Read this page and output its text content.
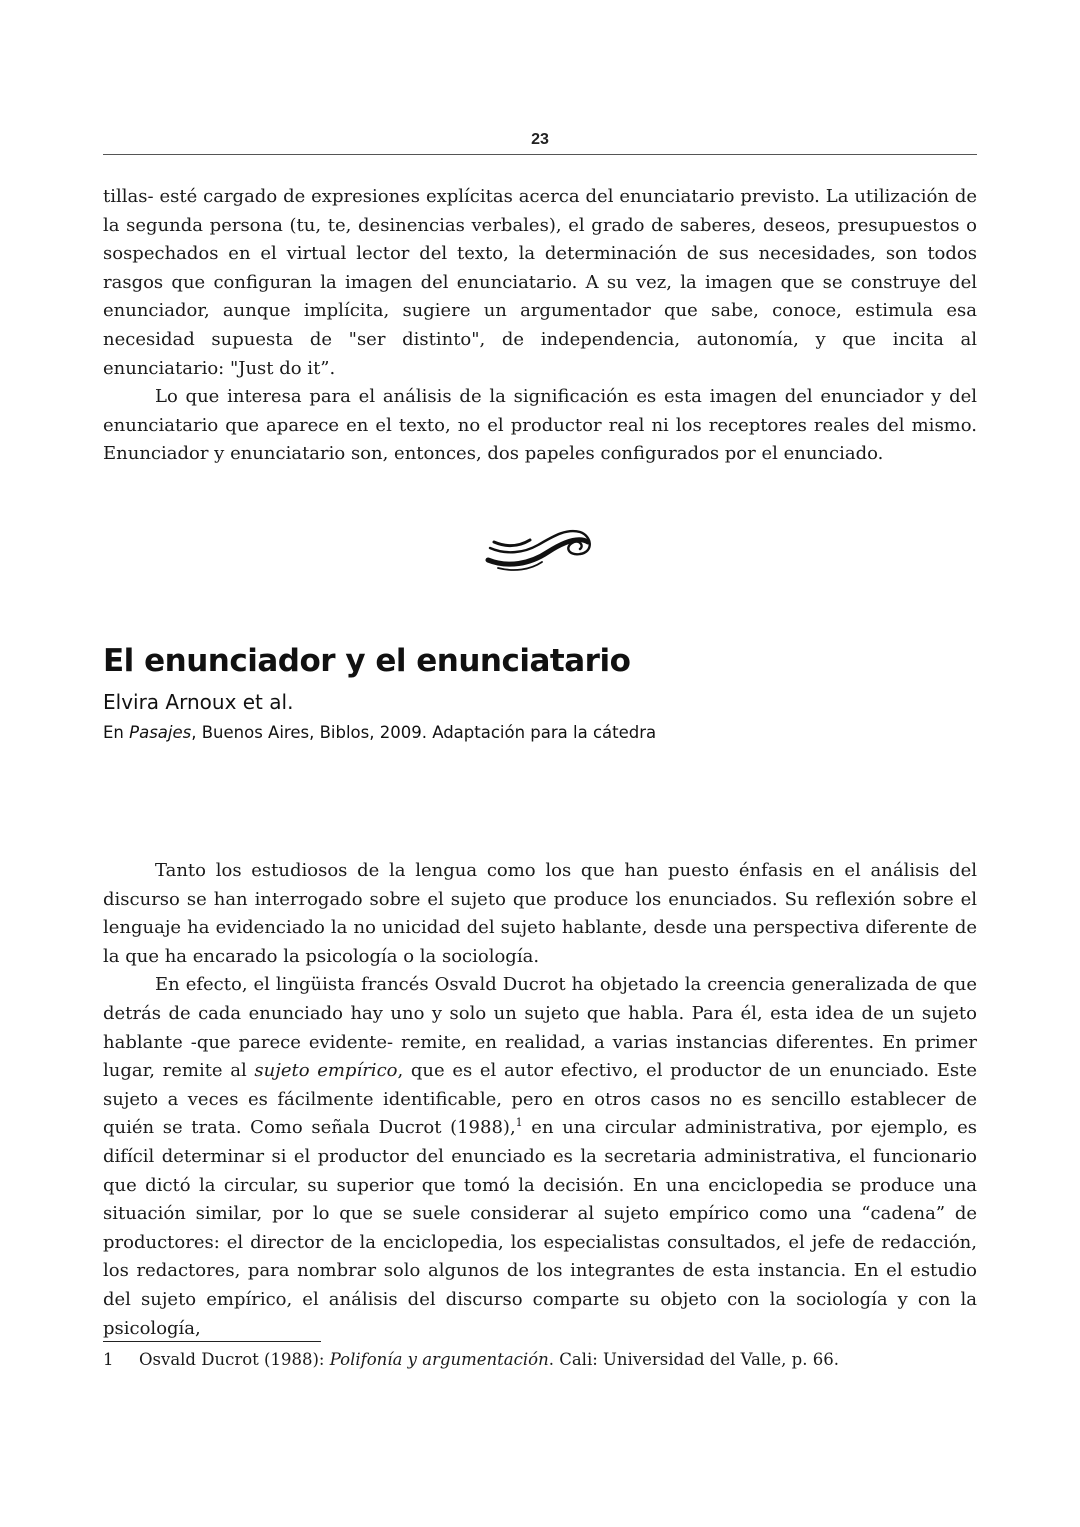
23

tillas- esté cargado de expresiones explícitas acerca del enunciatario previsto. La utilización de la segunda persona (tu, te, desinencias verbales), el grado de saberes, deseos, presupuestos o sospechados en el virtual lector del texto, la determinación de sus necesidades, son todos rasgos que configuran la imagen del enunciatario. A su vez, la imagen que se construye del enunciador, aunque implícita, sugiere un argumentador que sabe, conoce, estimula esa necesidad supuesta de "ser distinto", de independencia, autonomía, y que incita al enunciatario: "Just do it”.

Lo que interesa para el análisis de la significación es esta imagen del enunciador y del enunciatario que aparece en el texto, no el productor real ni los receptores reales del mismo. Enunciador y enunciatario son, entonces, dos papeles configurados por el enunciado.

El enunciador y el enunciatario
Elvira Arnoux et al.
En Pasajes, Buenos Aires, Biblos, 2009. Adaptación para la cátedra

Tanto los estudiosos de la lengua como los que han puesto énfasis en el análisis del discurso se han interrogado sobre el sujeto que produce los enunciados. Su reflexión sobre el lenguaje ha evidenciado la no unicidad del sujeto hablante, desde una perspectiva diferente de la que ha encarado la psicología o la sociología.

En efecto, el lingüista francés Osvald Ducrot ha objetado la creencia generalizada de que detrás de cada enunciado hay uno y solo un sujeto que habla. Para él, esta idea de un sujeto hablante -que parece evidente- remite, en realidad, a varias instancias diferentes. En primer lugar, remite al sujeto empírico, que es el autor efectivo, el productor de un enunciado. Este sujeto a veces es fácilmente identificable, pero en otros casos no es sencillo establecer de quién se trata. Como señala Ducrot (1988),$^1$ en una circular administrativa, por ejemplo, es difícil determinar si el productor del enunciado es la secretaria administrativa, el funcionario que dictó la circular, su superior que tomó la decisión. En una enciclopedia se produce una situación similar, por lo que se suele considerar al sujeto empírico como una “cadena” de productores: el director de la enciclopedia, los especialistas consultados, el jefe de redacción, los redactores, para nombrar solo algunos de los integrantes de esta instancia. En el estudio del sujeto empírico, el análisis del discurso comparte su objeto con la sociología y con la psicología,

1 Osvald Ducrot (1988): Polifonía y argumentación. Cali: Universidad del Valle, p. 66.
